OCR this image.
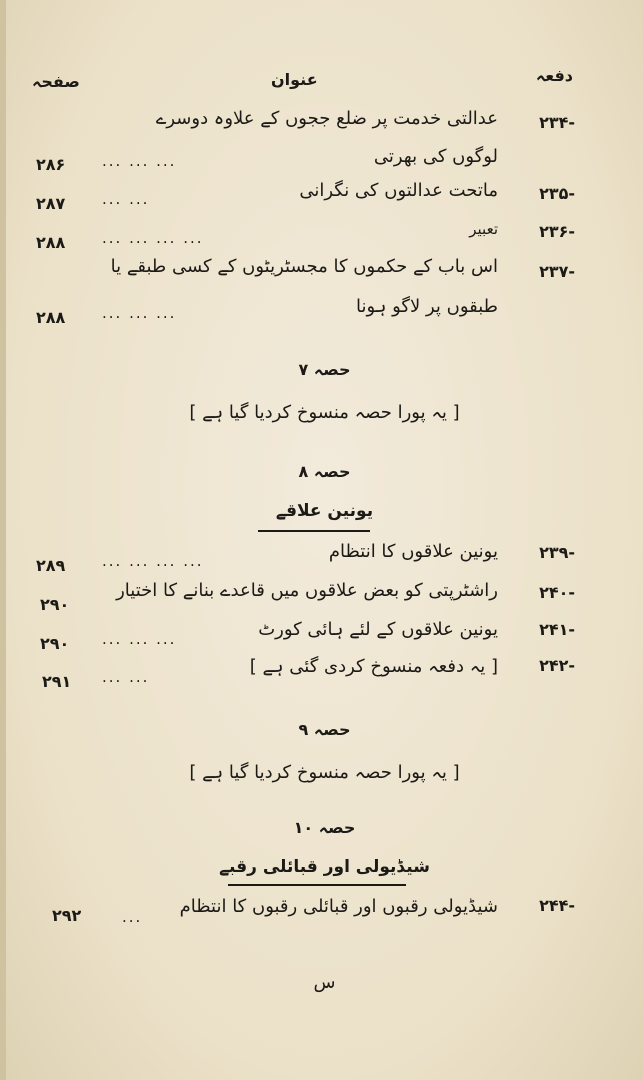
دفعہ
عنوان
صفحہ
۲۳۴-
عدالتی خدمت پر ضلع ججوں کے علاوہ دوسرے
لوگوں کی بھرتی
... ... ...
۲۸۶
۲۳۵-
ماتحت عدالتوں کی نگرانی
... ...
۲۸۷
۲۳۶-
تعبیر
... ... ... ...
۲۸۸
۲۳۷-
اس باب کے حکموں کا مجسٹریٹوں کے کسی طبقے یا
طبقوں پر لاگو ہونا
... ... ...
۲۸۸
حصہ ۷
[ یہ پورا حصہ منسوخ کردیا گیا ہے ]
حصہ ۸
یونین علاقے
۲۳۹-
یونین علاقوں کا انتظام
... ... ... ...
۲۸۹
۲۴۰-
راشٹرپتی کو بعض علاقوں میں قاعدے بنانے کا اختیار
۲۹۰
۲۴۱-
یونین علاقوں کے لئے ہائی کورٹ
... ... ...
۲۹۰
۲۴۲-
[ یہ دفعہ منسوخ کردی گئی ہے ]
... ...
۲۹۱
حصہ ۹
[ یہ پورا حصہ منسوخ کردیا گیا ہے ]
حصہ ۱۰
شیڈیولی اور قبائلی رقبے
۲۴۴-
شیڈیولی رقبوں اور قبائلی رقبوں کا انتظام
...
۲۹۲
س
